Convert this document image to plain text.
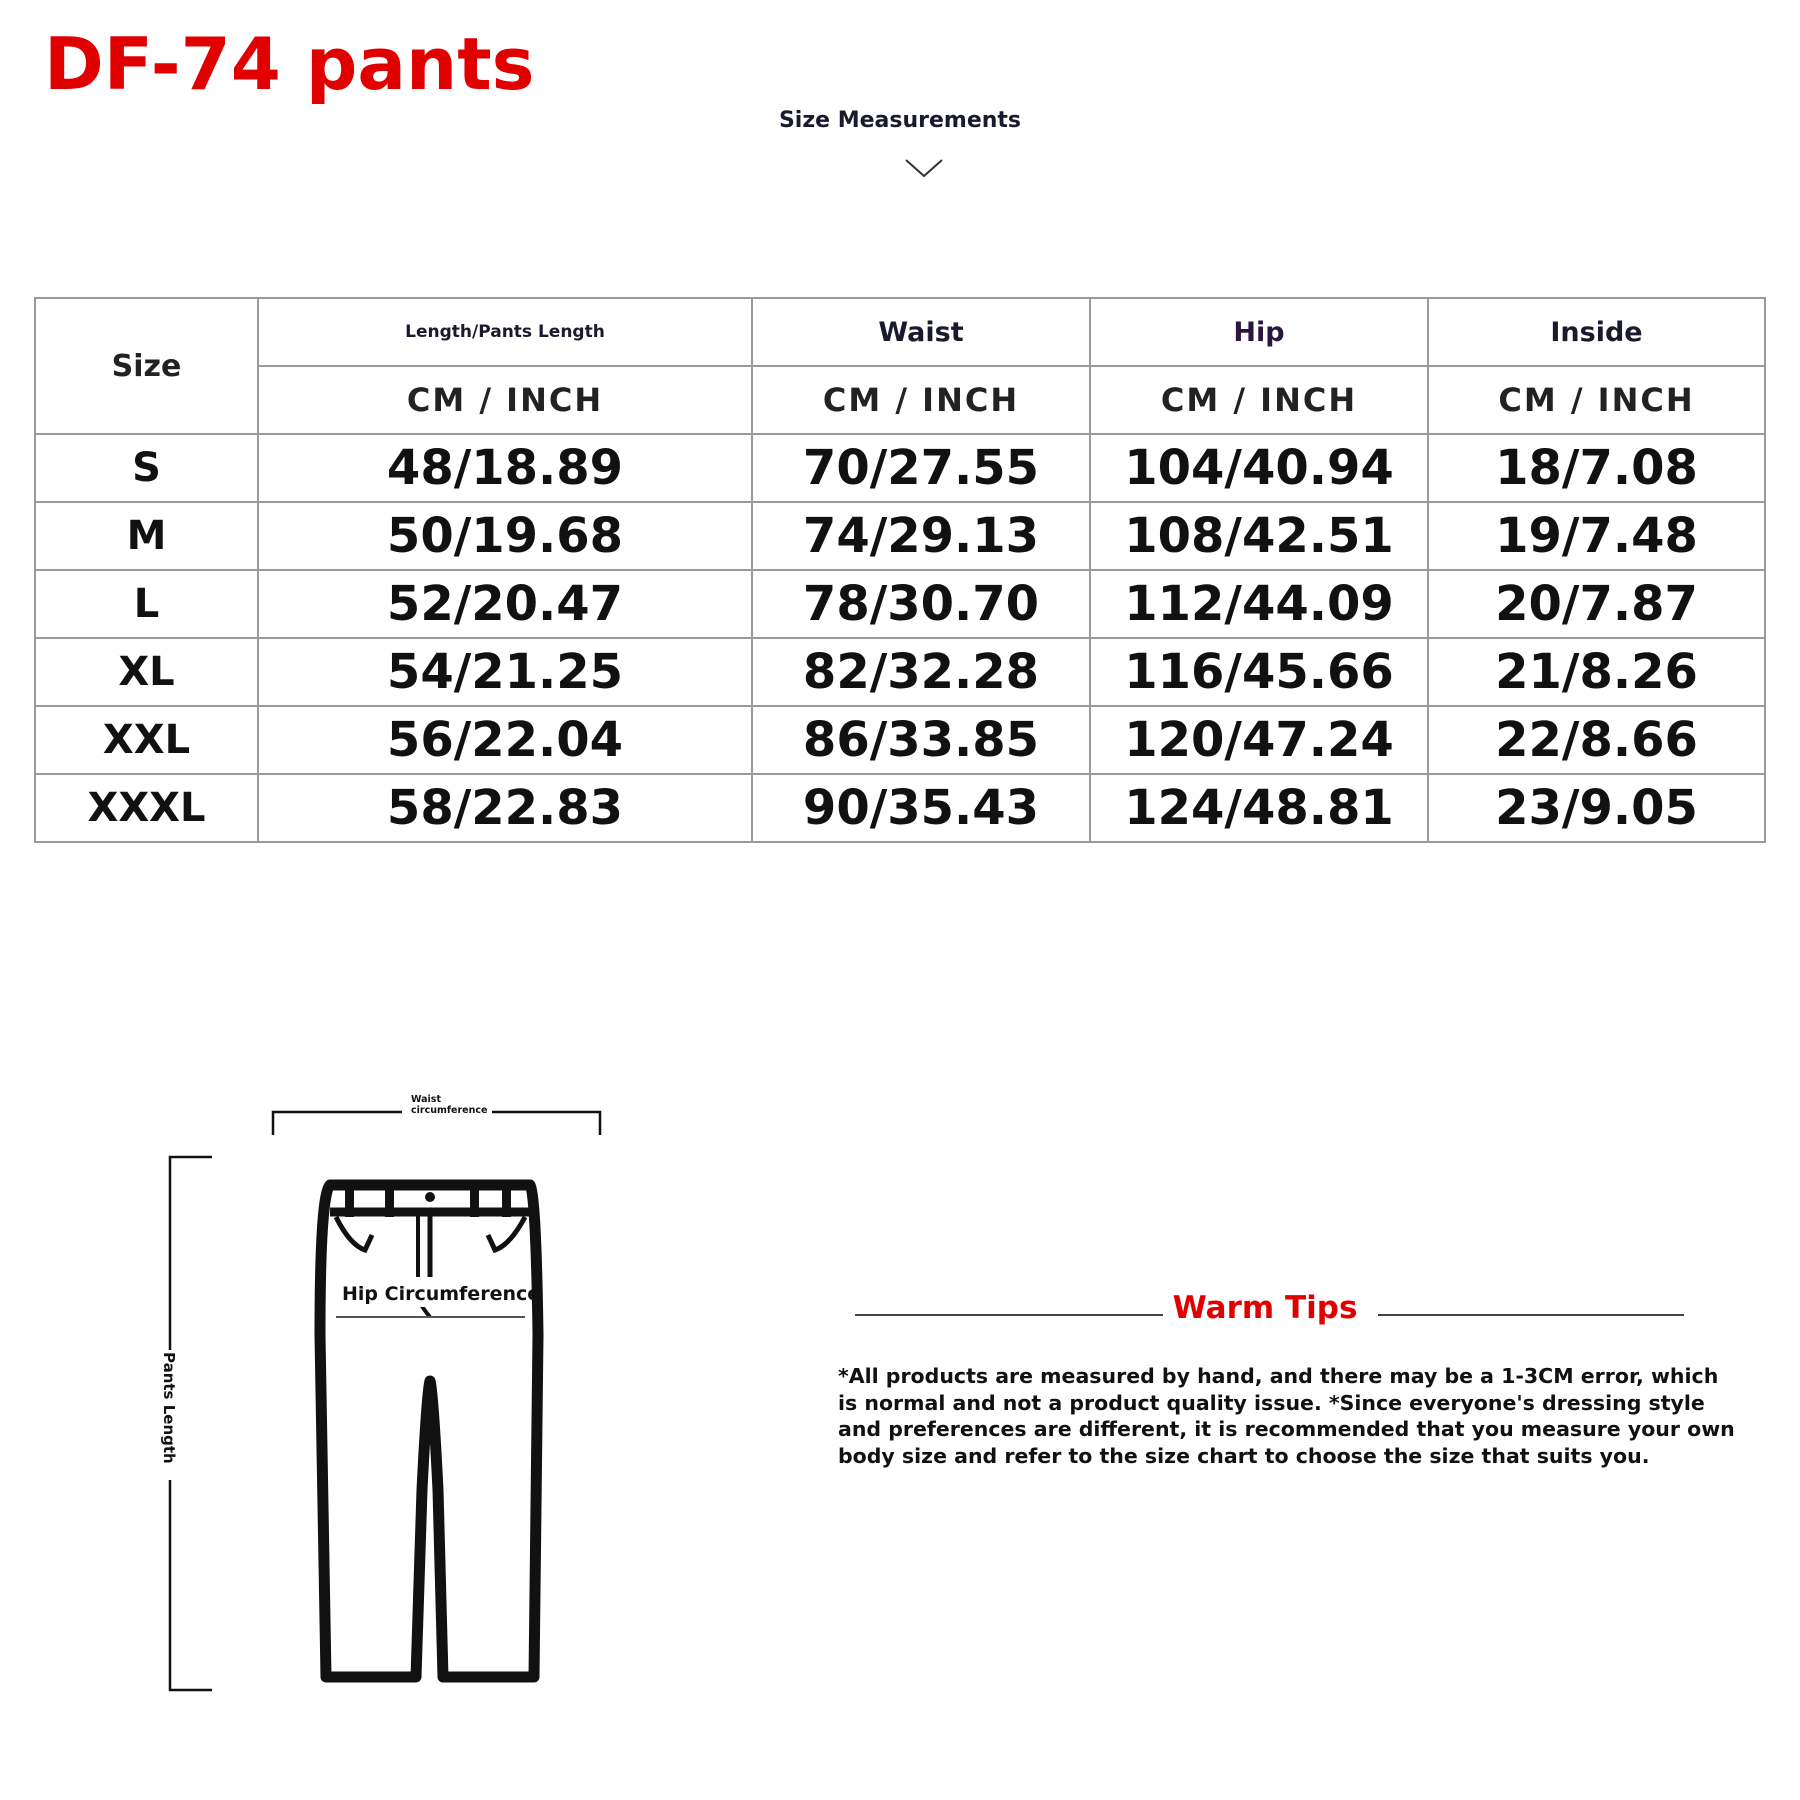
DF-74 pants
Size Measurements
Size	Length/Pants Length	Waist	Hip	Inside
	CM / INCH	CM / INCH	CM / INCH	CM / INCH
S	48/18.89	70/27.55	104/40.94	18/7.08
M	50/19.68	74/29.13	108/42.51	19/7.48
L	52/20.47	78/30.70	112/44.09	20/7.87
XL	54/21.25	82/32.28	116/45.66	21/8.26
XXL	56/22.04	86/33.85	120/47.24	22/8.66
XXXL	58/22.83	90/35.43	124/48.81	23/9.05
Waist
circumference
Pants Length
Hip Circumference	Warm Tips
*All products are measured by hand, and there may be a 1-3CM error, which is normal and not a product quality issue. *Since everyone's dressing style and preferences are different, it is recommended that you measure your own body size and refer to the size chart to choose the size that suits you.
